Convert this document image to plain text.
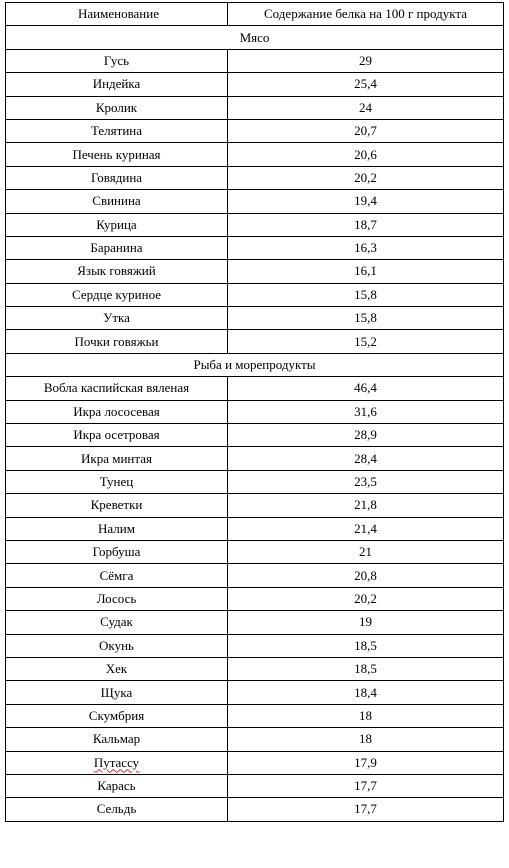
Наименование	Содержание белка на 100 г продукта
Мясо	
Гусь	29
Индейка	25,4
Кролик	24
Телятина	20,7
Печень куриная	20,6
Говядина	20,2
Свинина	19,4
Курица	18,7
Баранина	16,3
Язык говяжий	16,1
Сердце куриное	15,8
Утка	15,8
Почки говяжьи	15,2
Рыба и морепродукты	
Вобла каспийская вяленая	46,4
Икра лососевая	31,6
Икра осетровая	28,9
Икра минтая	28,4
Тунец	23,5
Креветки	21,8
Налим	21,4
Горбуша	21
Сёмга	20,8
Лосось	20,2
Судак	19
Окунь	18,5
Хек	18,5
Щука	18,4
Скумбрия	18
Кальмар	18
Путассу	17,9
Карась	17,7
Сельдь	17,7
